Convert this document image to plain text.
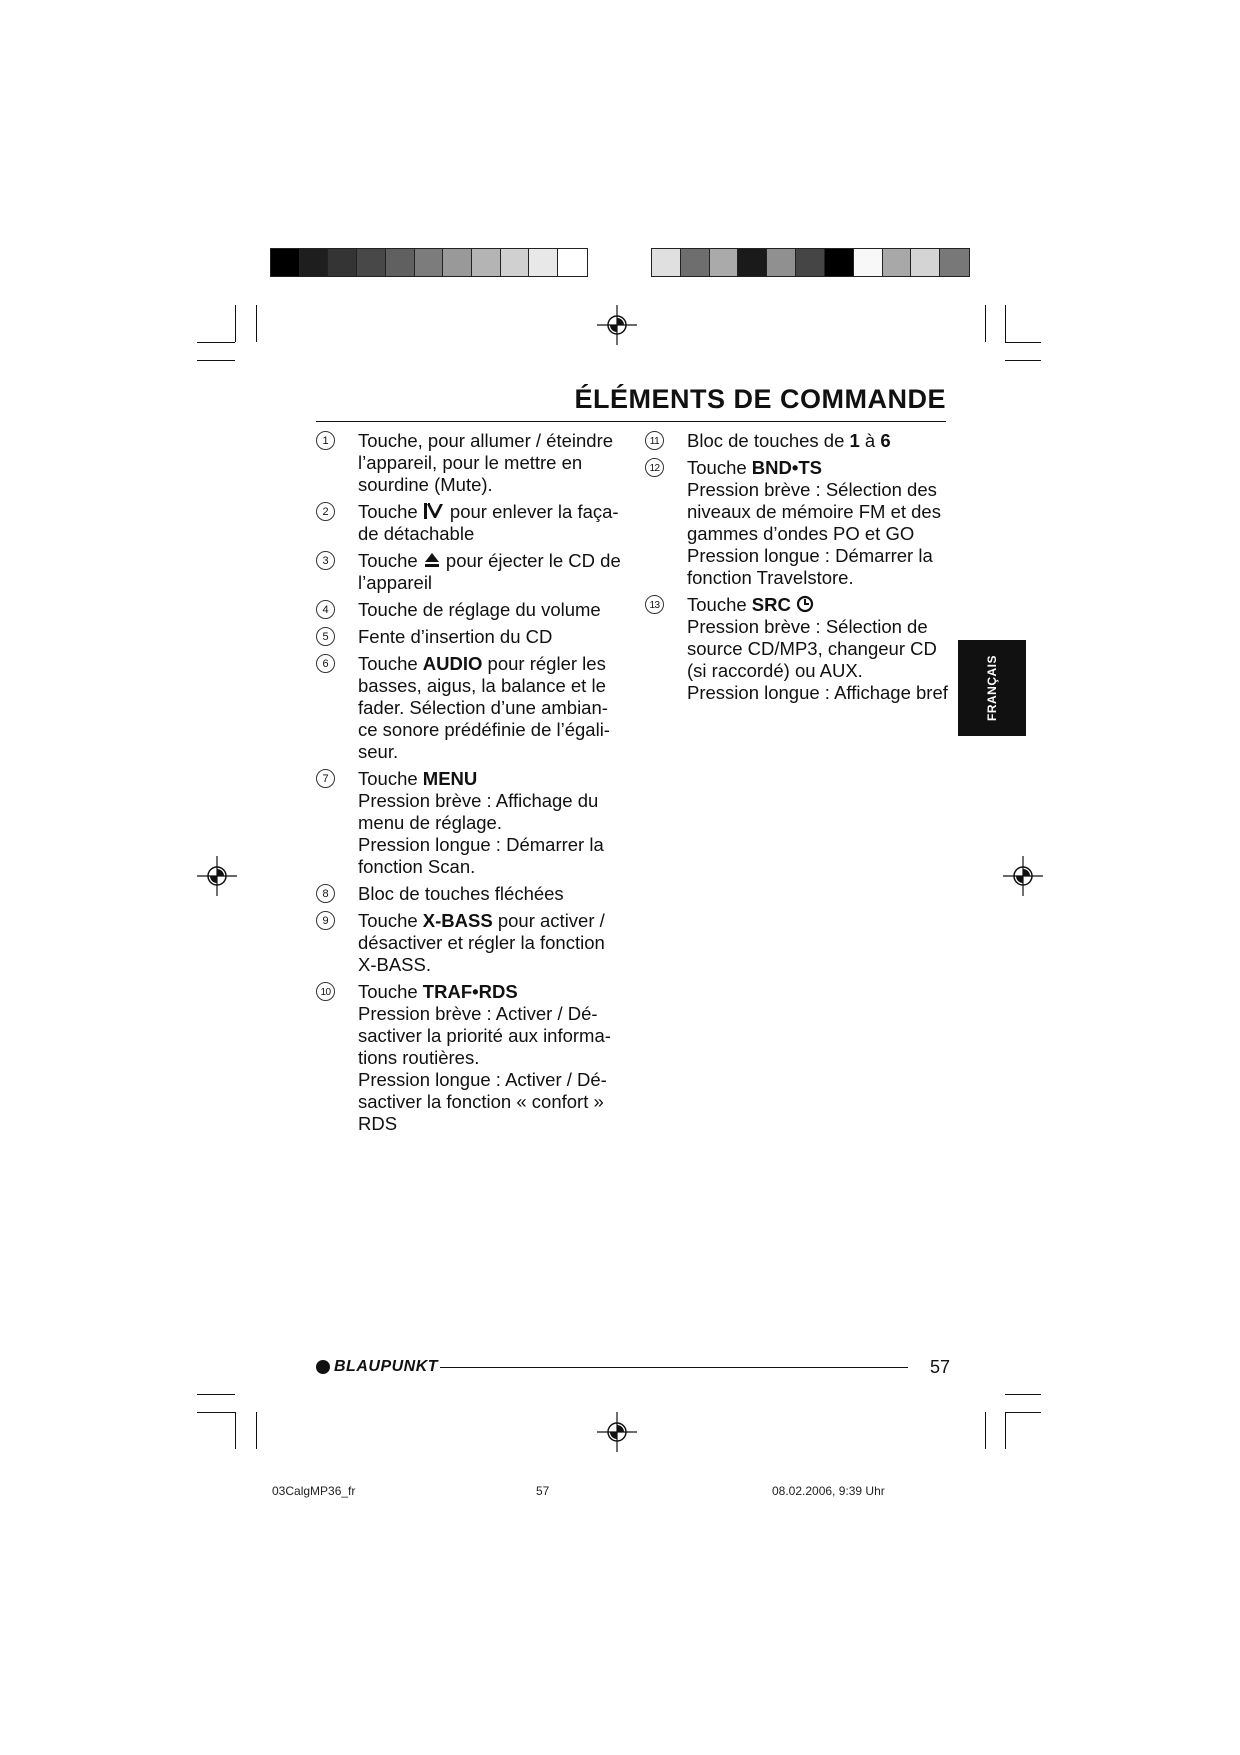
ÉLÉMENTS DE COMMANDE
1	Touche, pour allumer / éteindre
l’appareil, pour le mettre en
sourdine (Mute).
2	Touche  pour enlever la faça-
de détachable
3	Touche  pour éjecter le CD de
l’appareil
4	Touche de réglage du volume
5	Fente d’insertion du CD
6	Touche AUDIO pour régler les
basses, aigus, la balance et le
fader. Sélection d’une ambian-
ce sonore prédéfinie de l’égali-
seur.
7	Touche MENU
Pression brève : Affichage du
menu de réglage.
Pression longue : Démarrer la
fonction Scan.
8	Bloc de touches fléchées
9	Touche X-BASS pour activer /
désactiver et régler la fonction
X-BASS.
10 Touche TRAF•RDS
Pression brève : Activer / Dé-
sactiver la priorité aux informa-
tions routières.
Pression longue : Activer / Dé-
sactiver la fonction « confort »
RDS
11 Bloc de touches de 1 à 6
12 Touche BND•TS
Pression brève : Sélection des
niveaux de mémoire FM et des
gammes d’ondes PO et GO
Pression longue : Démarrer la
fonction Travelstore.
13 Touche SRC
Pression brève : Sélection de
source CD/MP3, changeur CD
(si raccordé) ou AUX.
Pression longue : Affichage bref	FRANÇAIS
BLAUPUNKT	57
03CalgMP36_fr	57	08.02.2006, 9:39 Uhr
